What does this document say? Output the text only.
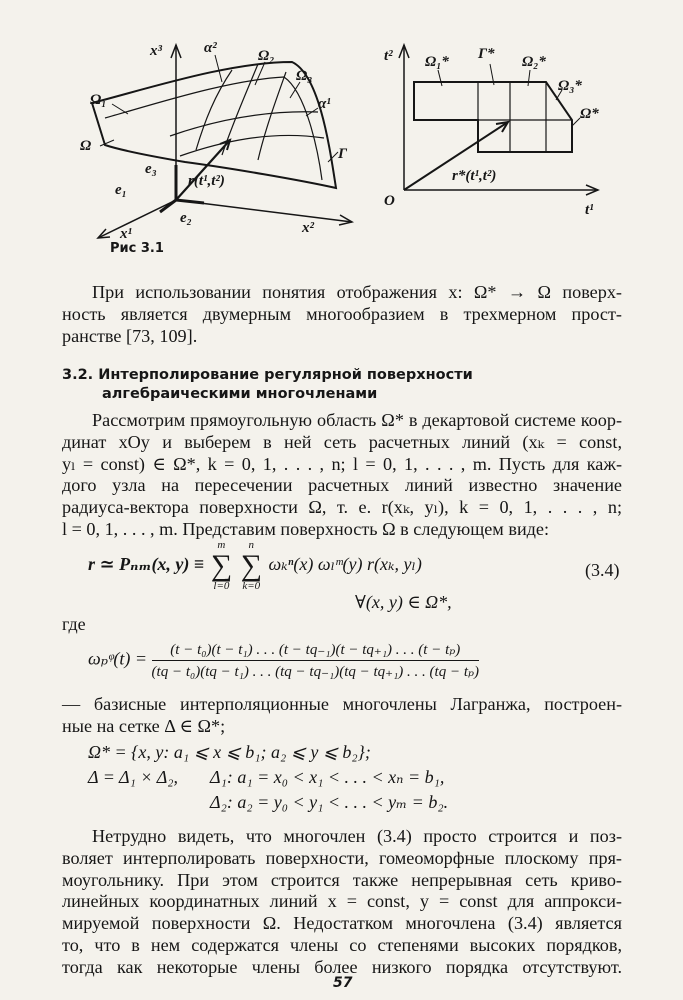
x³	α²	Ω₂
Ω₃
Ω₁
Ω
α¹
Γ
e₃
e₁
e₂
r(t¹,t²)
x¹	x²
t² Ω₁* Γ* Ω₂*
Ω₃*
Ω*
r*(t¹,t²)
O
t¹
Рис 3.1
При использовании понятия отображения x: Ω* → Ω поверх-
ность является двумерным многообразием в трехмерном прост-
ранстве [73, 109].
3.2. Интерполирование регулярной поверхности
алгебраическими многочленами
Рассмотрим прямоугольную область Ω* в декартовой системе коор-
динат xOy и выберем в ней сеть расчетных линий (xₖ = const,
yₗ = const) ∈ Ω*, k = 0, 1, . . . , n; l = 0, 1, . . . , m. Пусть для каж-
дого узла на пересечении расчетных линий известно значение
радиуса-вектора поверхности Ω, т. е. r(xₖ, yₗ), k = 0, 1, . . . , n;
l = 0, 1, . . . , m. Представим поверхность Ω в следующем виде:
r ≃ Pₙₘ(x, y) ≡
m
∑
l=0

n
∑
k=0
ωₖⁿ(x) ωₗᵐ(y) r(xₖ, yₗ)	(3.4)
∀(x, y) ∈ Ω*,
где
ωₚᵠ(t) =	(t − t₀)(t − t₁) . . . (t − tq₋₁)(t − tq₊₁) . . . (t − tₚ)
(tq − t₀)(tq − t₁) . . . (tq − tq₋₁)(tq − tq₊₁) . . . (tq − tₚ)
— базисные интерполяционные многочлены Лагранжа, построен-
ные на сетке Δ ∈ Ω*;
Ω* = {x, y: a₁ ⩽ x ⩽ b₁; a₂ ⩽ y ⩽ b₂};
Δ = Δ₁ × Δ₂, Δ₁: a₁ = x₀ < x₁ < . . . < xₙ = b₁,
Δ₂: a₂ = y₀ < y₁ < . . . < yₘ = b₂.
Нетрудно видеть, что многочлен (3.4) просто строится и поз-
воляет интерполировать поверхности, гомеоморфные плоскому пря-
моугольнику. При этом строится также непрерывная сеть криво-
линейных координатных линий x = const, y = const для аппрокси-
мируемой поверхности Ω. Недостатком многочлена (3.4) является
то, что в нем содержатся члены со степенями высоких порядков,
тогда как некоторые члены более низкого порядка отсутствуют.
57
